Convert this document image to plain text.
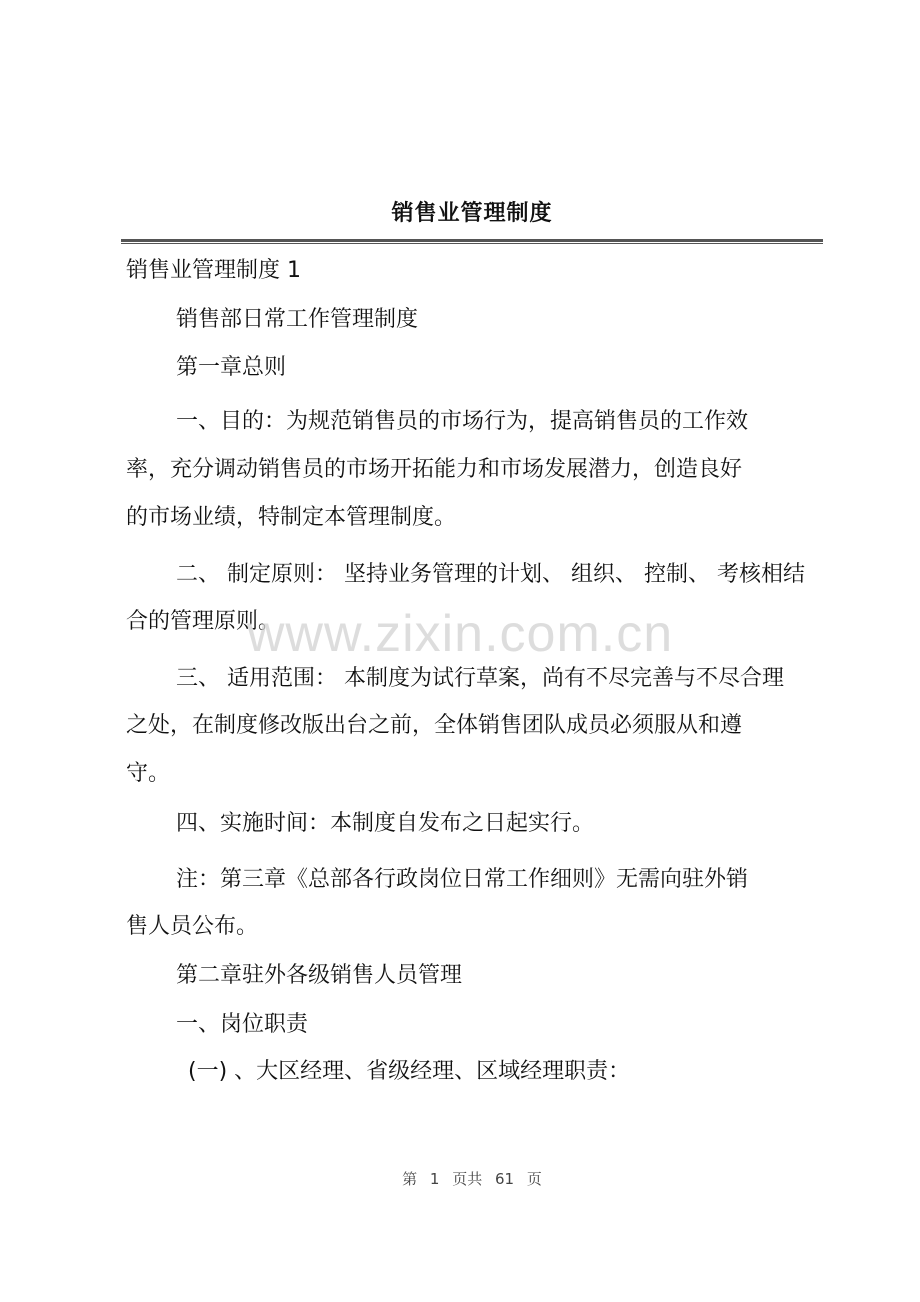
销售业管理制度

销售业管理制度 1

销售部日常工作管理制度

第一章总则

一、目的：为规范销售员的市场行为，提高销售员的工作效

率，充分调动销售员的市场开拓能力和市场发展潜力，创造良好

的市场业绩，特制定本管理制度。

二、 制定原则： 坚持业务管理的计划、 组织、 控制、 考核相结

合的管理原则。

三、 适用范围： 本制度为试行草案，尚有不尽完善与不尽合理

之处，在制度修改版出台之前，全体销售团队成员必须服从和遵

守。

四、实施时间：本制度自发布之日起实行。

注：第三章《总部各行政岗位日常工作细则》无需向驻外销

售人员公布。

第二章驻外各级销售人员管理

一、岗位职责

(一) 、大区经理、省级经理、区域经理职责：

www.zixin.com.cn
第 1 页共 61 页
